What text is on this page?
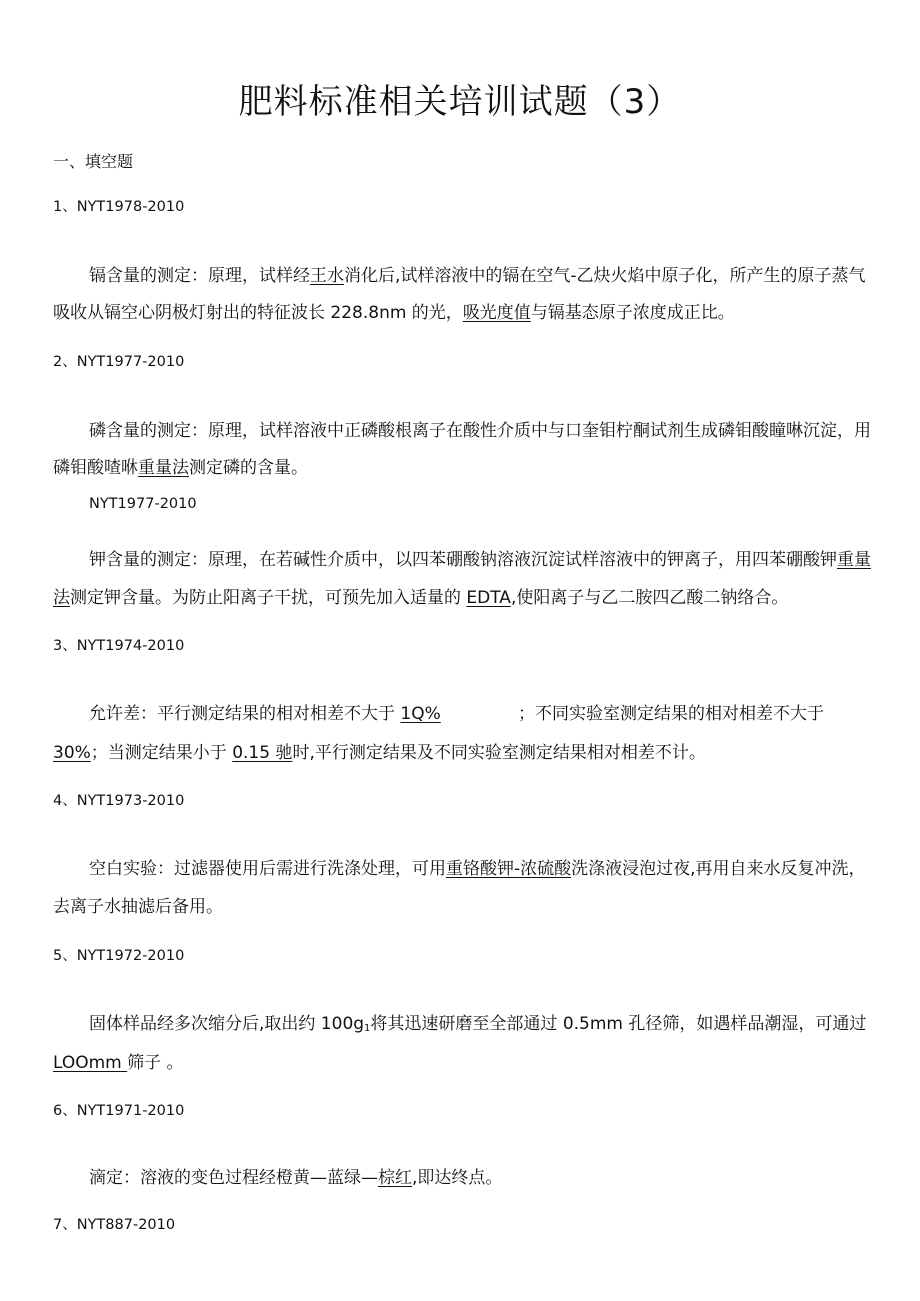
肥料标准相关培训试题（3）
一、填空题
1、NYT1978-2010
镉含量的测定：原理，试样经王水消化后,试样溶液中的镉在空气-乙炔火焰中原子化，所产生的原子蒸气
吸收从镉空心阴极灯射出的特征波长 228.8nm 的光，吸光度值与镉基态原子浓度成正比。
2、NYT1977-2010
磷含量的测定：原理，试样溶液中正磷酸根离子在酸性介质中与口奎钼柠酮试剂生成磷钼酸瞳啉沉淀，用
磷钼酸喳咻重量法测定磷的含量。
NYT1977-2010
钾含量的测定：原理，在若碱性介质中，以四苯硼酸钠溶液沉淀试样溶液中的钾离子，用四苯硼酸钾重量
法测定钾含量。为防止阳离子干扰，可预先加入适量的 EDTA,使阳离子与乙二胺四乙酸二钠络合。
3、NYT1974-2010
允许差：平行测定结果的相对相差不大于 1Q%	；不同实验室测定结果的相对相差不大于
30%；当测定结果小于 0.15 驰时,平行测定结果及不同实验室测定结果相对相差不计。
4、NYT1973-2010
空白实验：过滤器使用后需进行洗涤处理，可用重铬酸钾-浓硫酸洗涤液浸泡过夜,再用自来水反复冲洗，
去离子水抽滤后备用。
5、NYT1972-2010
固体样品经多次缩分后,取出约 $100g_1$将其迅速研磨至全部通过 0.5mm 孔径筛，如遇样品潮湿，可通过
LOOmm 筛子 。
6、NYT1971-2010
滴定：溶液的变色过程经橙黄—蓝绿—棕红,即达终点。
7、NYT887-2010
